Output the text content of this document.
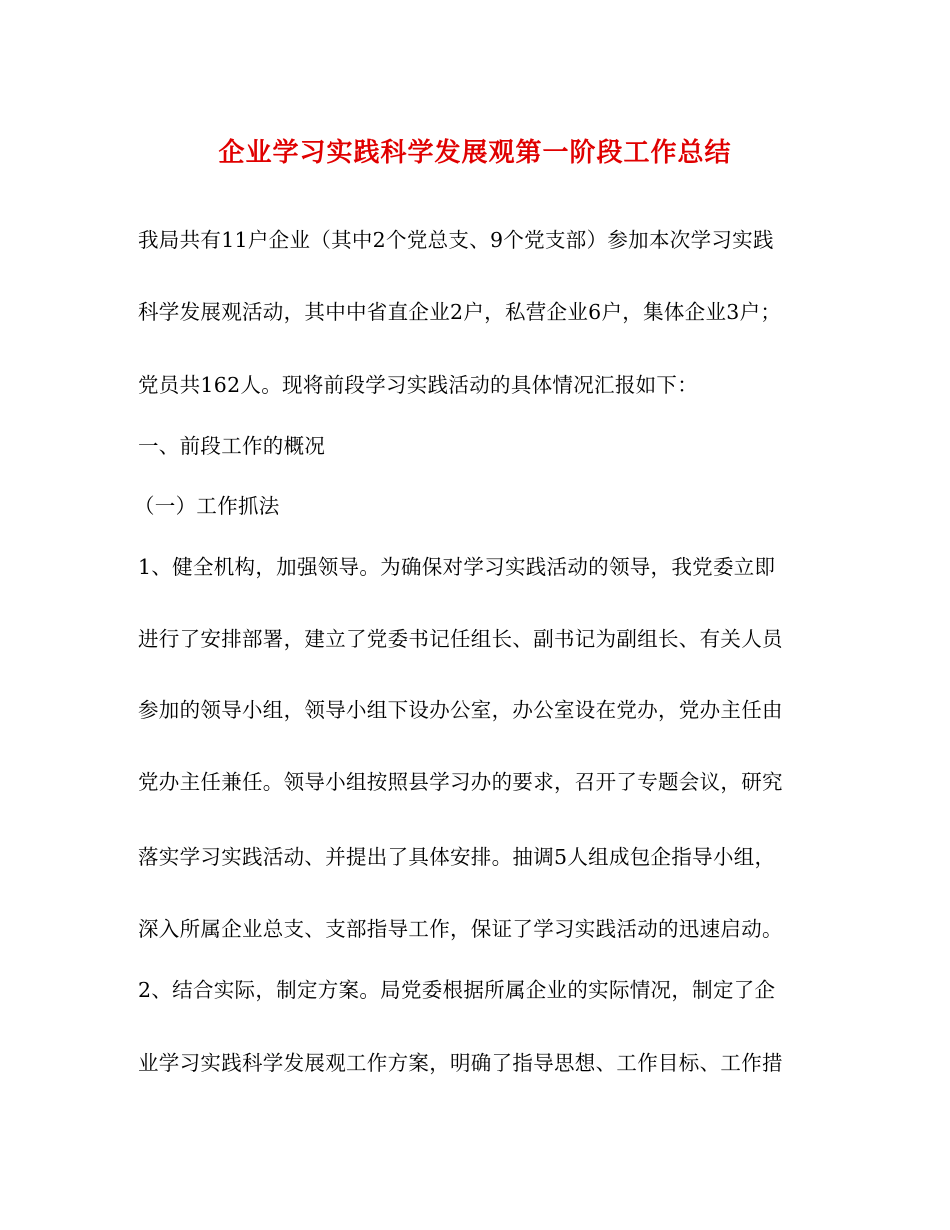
企业学习实践科学发展观第一阶段工作总结
我局共有11户企业（其中2个党总支、9个党支部）参加本次学习实践
科学发展观活动，其中中省直企业2户，私营企业6户，集体企业3户；
党员共162人。现将前段学习实践活动的具体情况汇报如下：
一、前段工作的概况
（一）工作抓法
1、健全机构，加强领导。为确保对学习实践活动的领导，我党委立即
进行了安排部署，建立了党委书记任组长、副书记为副组长、有关人员
参加的领导小组，领导小组下设办公室，办公室设在党办，党办主任由
党办主任兼任。领导小组按照县学习办的要求，召开了专题会议，研究
落实学习实践活动、并提出了具体安排。抽调5人组成包企指导小组，
深入所属企业总支、支部指导工作，保证了学习实践活动的迅速启动。
2、结合实际，制定方案。局党委根据所属企业的实际情况，制定了企
业学习实践科学发展观工作方案，明确了指导思想、工作目标、工作措
